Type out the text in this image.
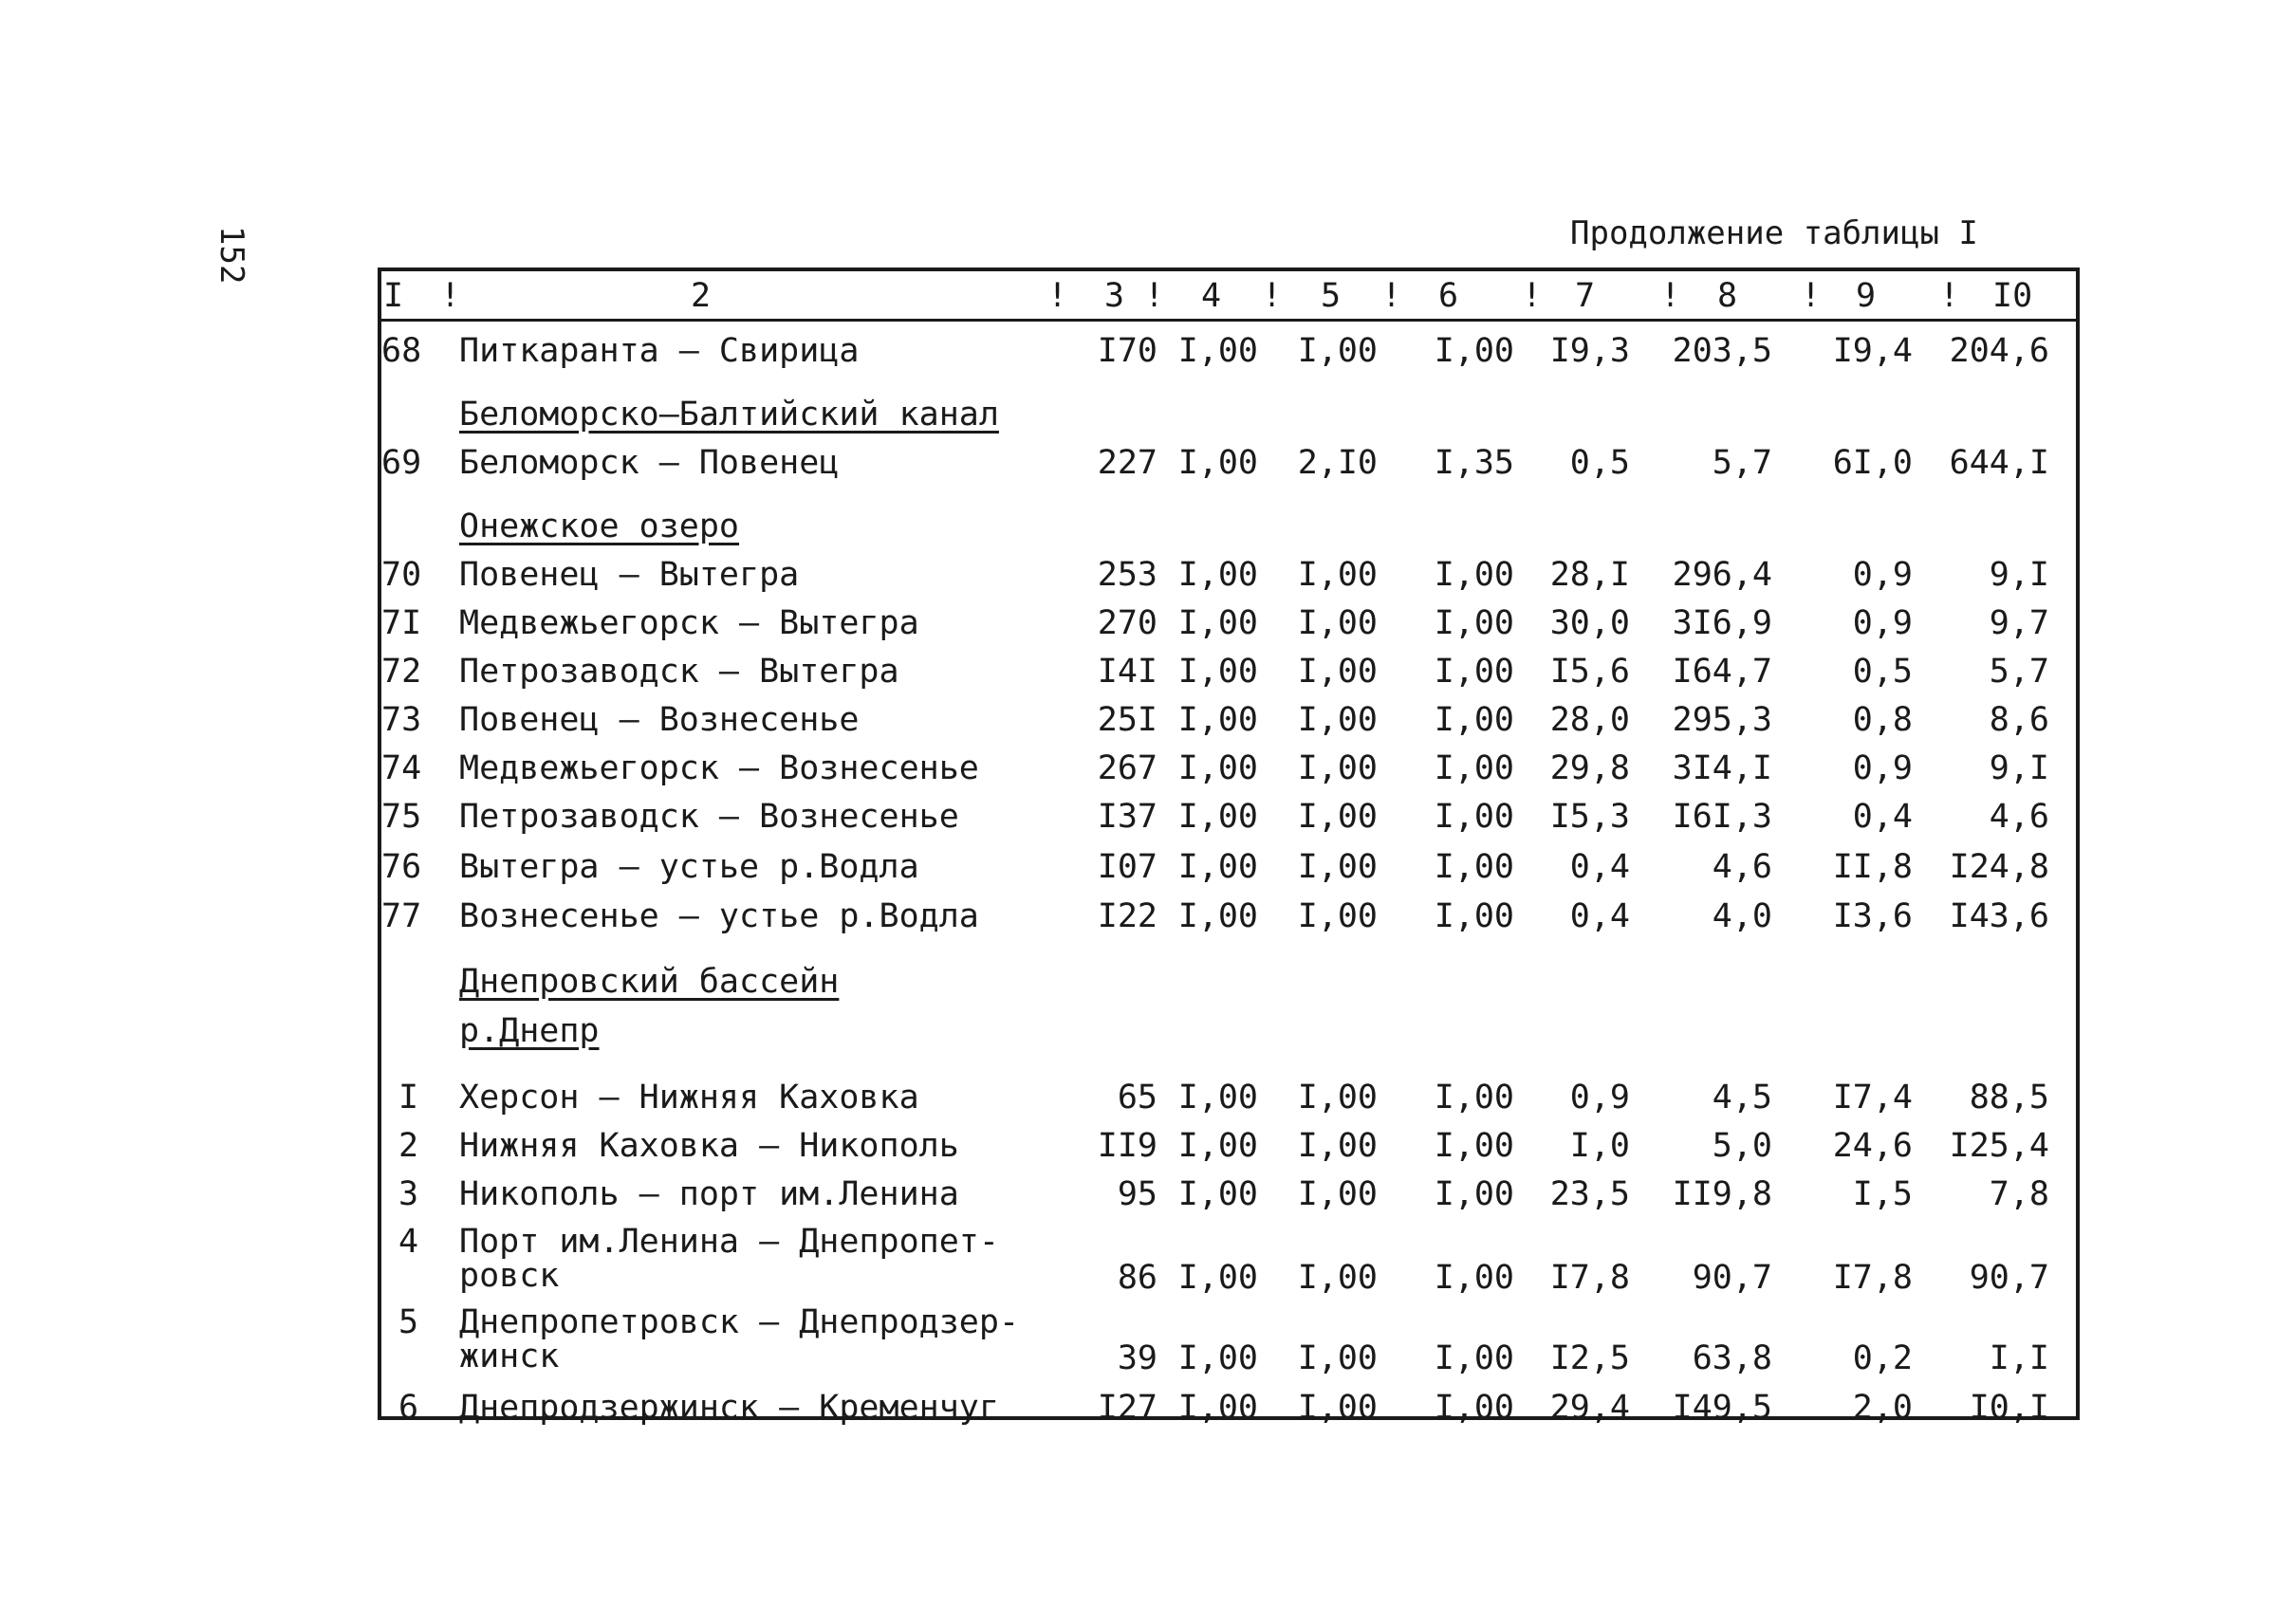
152	Продолжение таблицы I
I !	2	! 3 ! 4 ! 5 ! 6 ! 7 ! 8 ! 9 ! I0
Беломорско–Балтийский канал
Онежское озеро
Днепровский бассейн
р.Днепр
68 Питкаранта – Свирица	I70 I,00 I,00 I,00 I9,3 203,5 I9,4 204,6
69 Беломорск – Повенец	227 I,00 2,I0 I,35 0,5 5,7 6I,0 644,I
70 Повенец – Вытегра	253 I,00 I,00 I,00 28,I 296,4 0,9 9,I
7I Медвежьегорск – Вытегра	270 I,00 I,00 I,00 30,0 3I6,9 0,9 9,7
72 Петрозаводск – Вытегра	I4I I,00 I,00 I,00 I5,6 I64,7 0,5 5,7
73 Повенец – Вознесенье	25I I,00 I,00 I,00 28,0 295,3 0,8 8,6
74 Медвежьегорск – Вознесенье	267 I,00 I,00 I,00 29,8 3I4,I 0,9 9,I
75 Петрозаводск – Вознесенье	I37 I,00 I,00 I,00 I5,3 I6I,3 0,4 4,6
76 Вытегра – устье р.Водла	I07 I,00 I,00 I,00 0,4 4,6 II,8 I24,8
77 Вознесенье – устье р.Водла	I22 I,00 I,00 I,00 0,4 4,0 I3,6 I43,6
I Херсон – Нижняя Каховка	65 I,00 I,00 I,00 0,9 4,5 I7,4 88,5
2 Нижняя Каховка – Никополь	II9 I,00 I,00 I,00 I,0 5,0 24,6 I25,4
3 Никополь – порт им.Ленина	95 I,00 I,00 I,00 23,5 II9,8 I,5 7,8
4 Порт им.Ленина – Днепропет-
ровск	86 I,00 I,00 I,00 I7,8 90,7 I7,8 90,7
5 Днепропетровск – Днепродзер-
жинск	39 I,00 I,00 I,00 I2,5 63,8 0,2 I,I
6 Днепродзержинск – Кременчуг	I27 I,00 I,00 I,00 29,4 I49,5 2,0 I0,I
